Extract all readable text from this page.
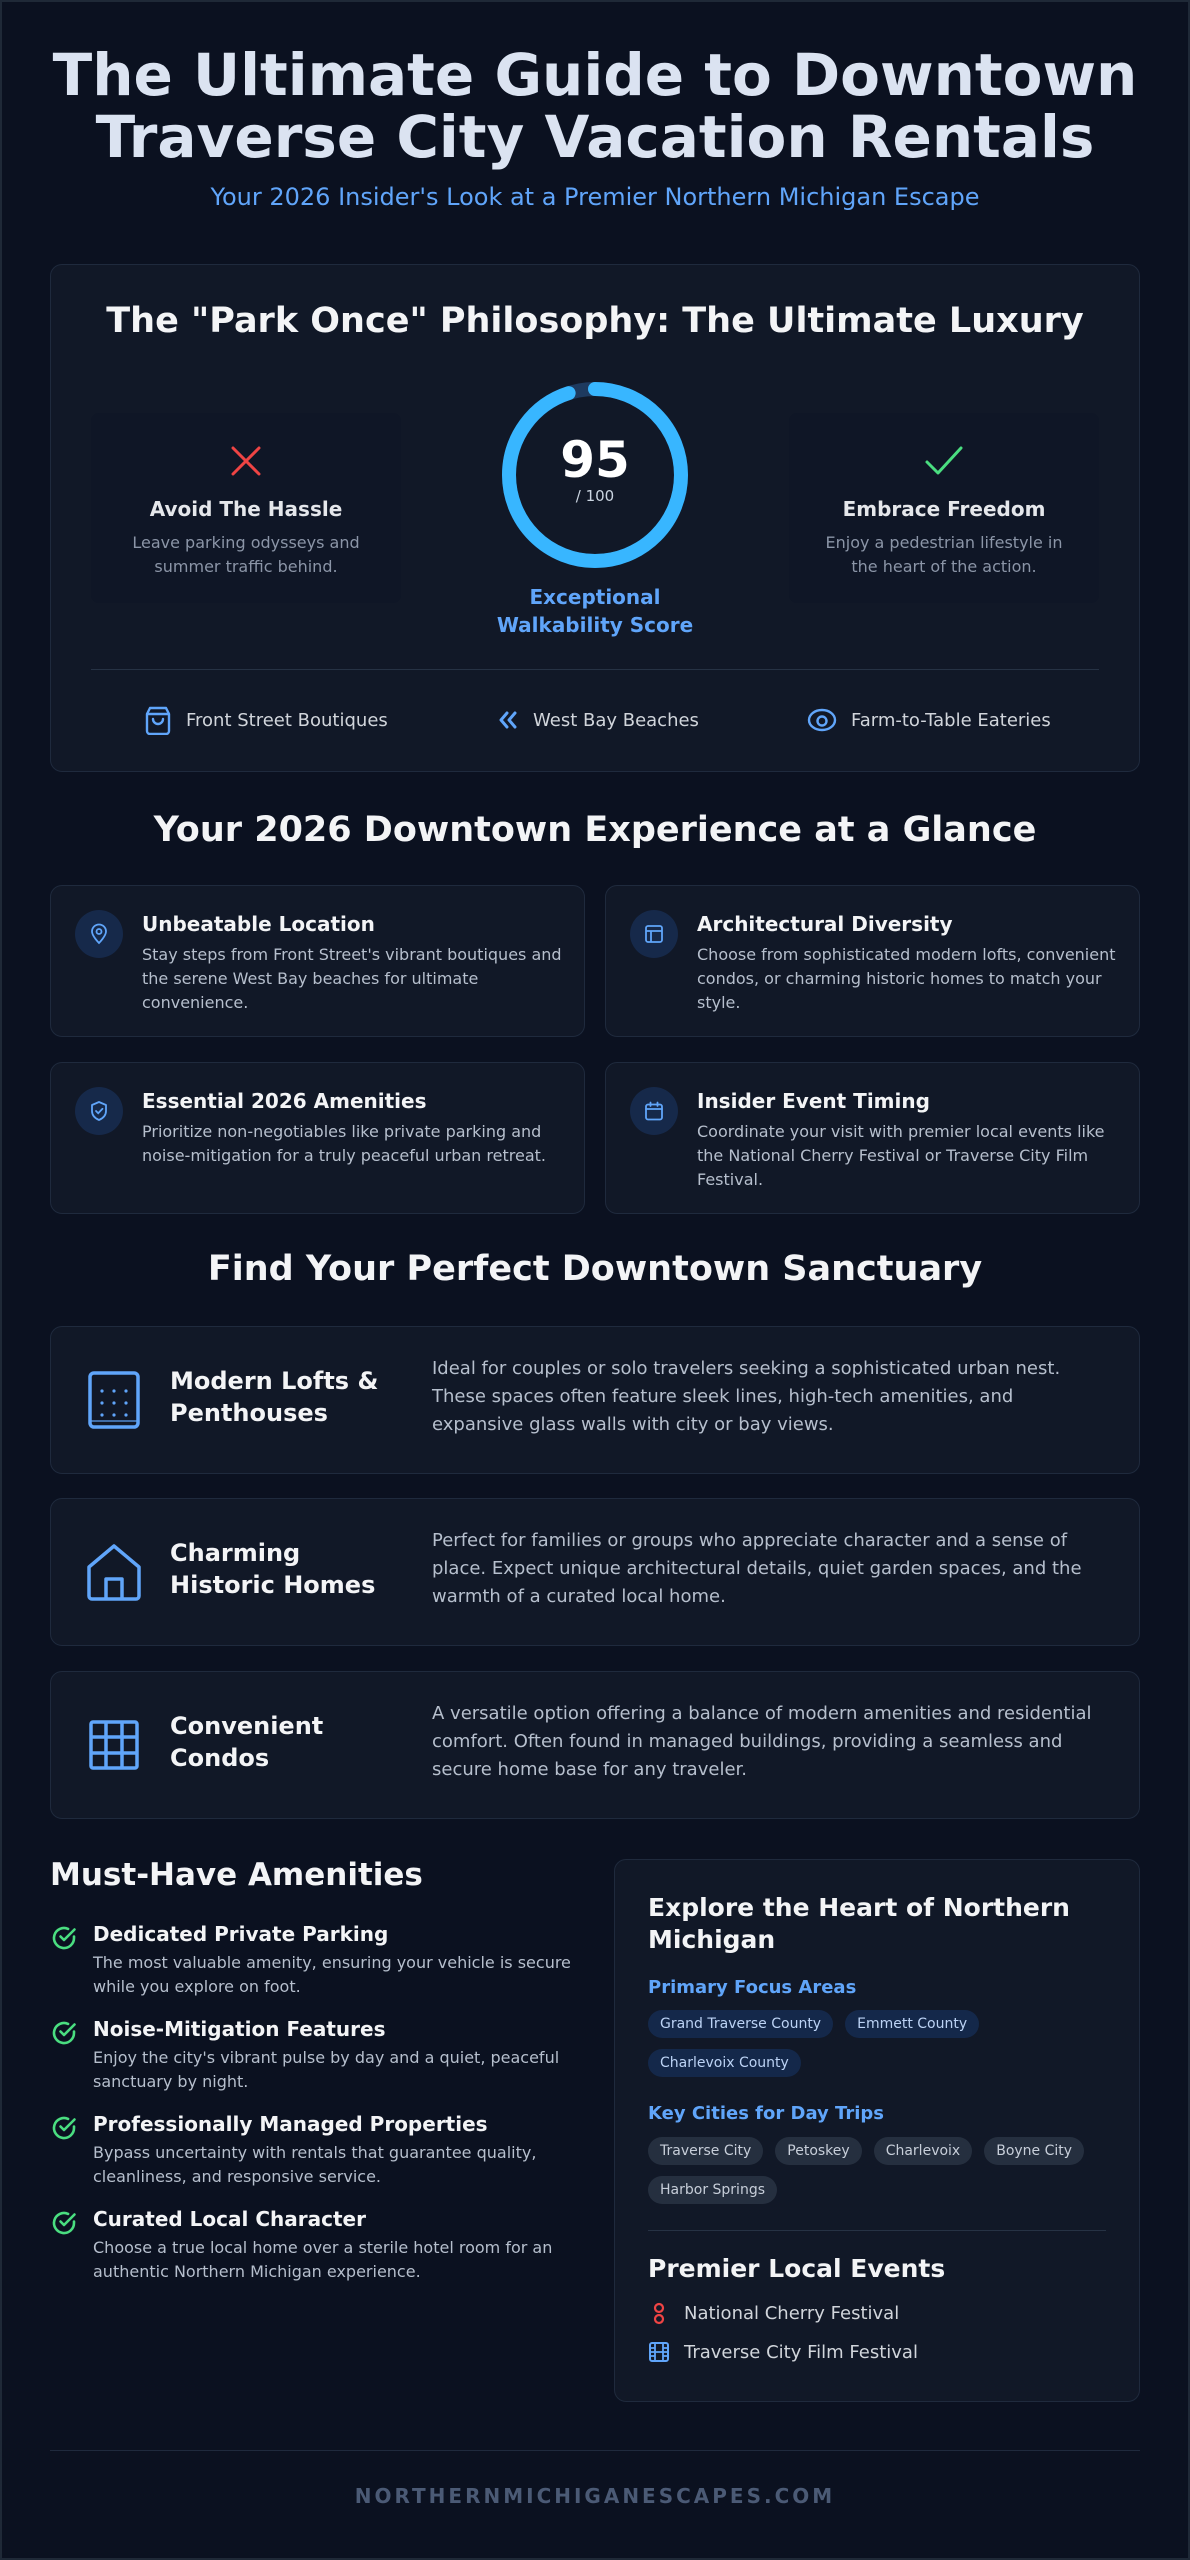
The Ultimate Guide to Downtown
Traverse City Vacation Rentals
Your 2026 Insider's Look at a Premier Northern Michigan Escape
The "Park Once" Philosophy: The Ultimate Luxury
Avoid The Hassle
Leave parking odysseys and summer traffic behind.
95
/ 100
Exceptional Walkability Score
Embrace Freedom
Enjoy a pedestrian lifestyle in the heart of the action.
Front Street Boutiques	West Bay Beaches	Farm-to-Table Eateries
Your 2026 Downtown Experience at a Glance
Unbeatable Location
Stay steps from Front Street's vibrant boutiques and the serene West Bay beaches for ultimate convenience.
Architectural Diversity
Choose from sophisticated modern lofts, convenient condos, or charming historic homes to match your style.
Essential 2026 Amenities
Prioritize non-negotiables like private parking and noise-mitigation for a truly peaceful urban retreat.
Insider Event Timing
Coordinate your visit with premier local events like the National Cherry Festival or Traverse City Film Festival.
Find Your Perfect Downtown Sanctuary
Modern Lofts & Penthouses
Ideal for couples or solo travelers seeking a sophisticated urban nest. These spaces often feature sleek lines, high-tech amenities, and expansive glass walls with city or bay views.
Charming Historic Homes
Perfect for families or groups who appreciate character and a sense of place. Expect unique architectural details, quiet garden spaces, and the warmth of a curated local home.
Convenient Condos
A versatile option offering a balance of modern amenities and residential comfort. Often found in managed buildings, providing a seamless and secure home base for any traveler.
Must-Have Amenities
Dedicated Private Parking
The most valuable amenity, ensuring your vehicle is secure while you explore on foot.
Noise-Mitigation Features
Enjoy the city's vibrant pulse by day and a quiet, peaceful sanctuary by night.
Professionally Managed Properties
Bypass uncertainty with rentals that guarantee quality, cleanliness, and responsive service.
Curated Local Character
Choose a true local home over a sterile hotel room for an authentic Northern Michigan experience.
Explore the Heart of Northern Michigan
Primary Focus Areas
Grand Traverse County	Emmett County
Charlevoix County
Key Cities for Day Trips
Traverse City	Petoskey	Charlevoix	Boyne City
Harbor Springs
Premier Local Events
National Cherry Festival
Traverse City Film Festival
NORTHERNMICHIGANESCAPES.COM
